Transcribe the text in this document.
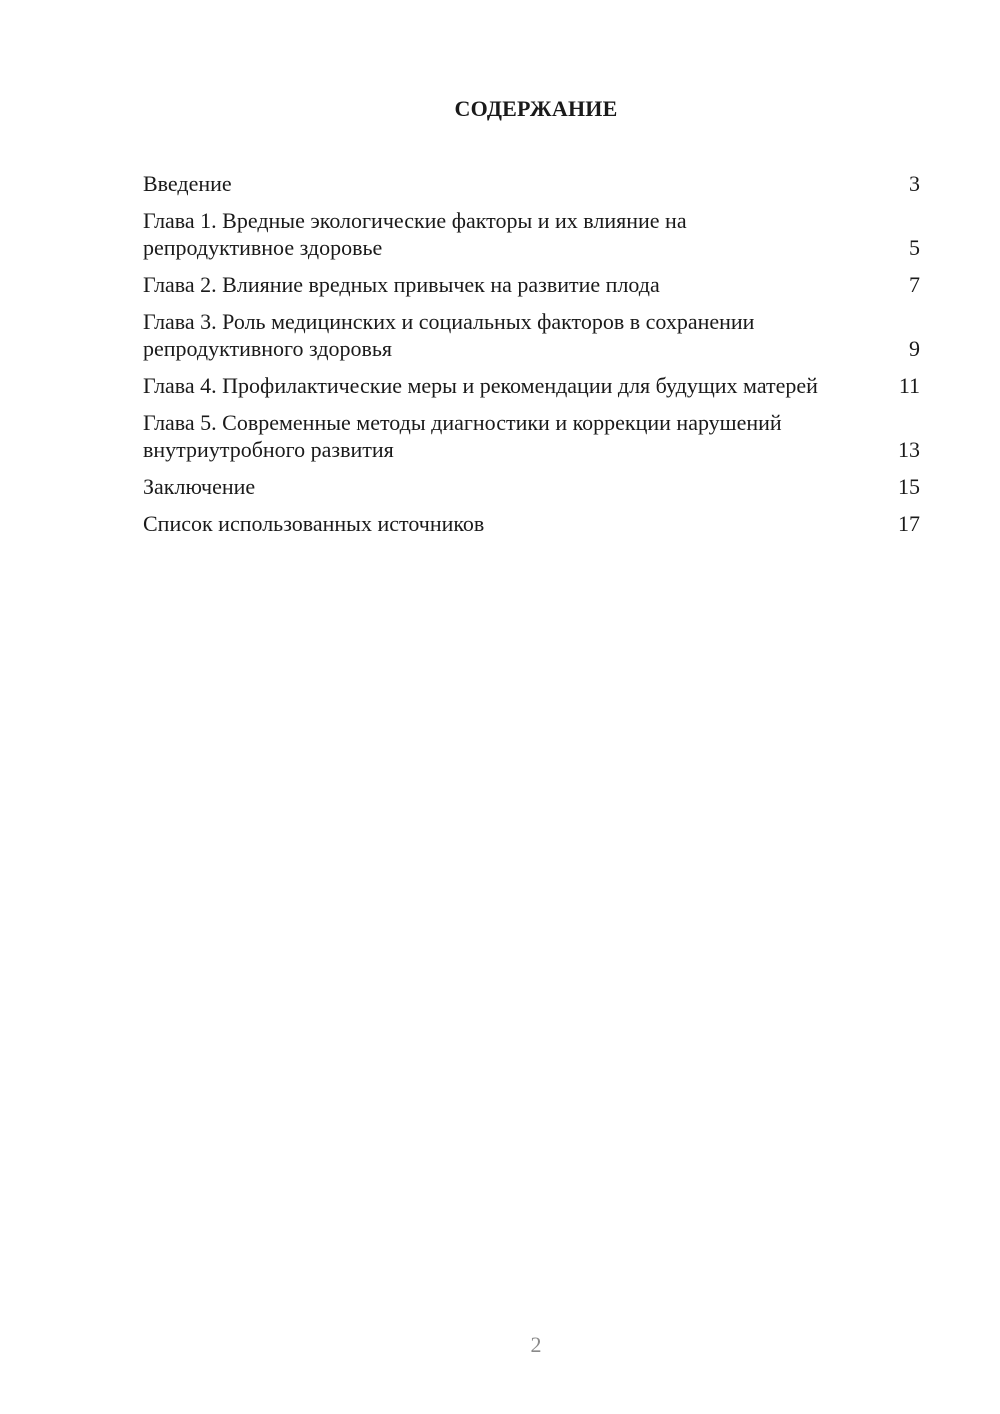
СОДЕРЖАНИЕ
Введение	3
Глава 1. Вредные экологические факторы и их влияние на репродуктивное здоровье	5
Глава 2. Влияние вредных привычек на развитие плода	7
Глава 3. Роль медицинских и социальных факторов в сохранении репродуктивного здоровья	9
Глава 4. Профилактические меры и рекомендации для будущих матерей	11
Глава 5. Современные методы диагностики и коррекции нарушений внутриутробного развития	13
Заключение	15
Список использованных источников	17
2
